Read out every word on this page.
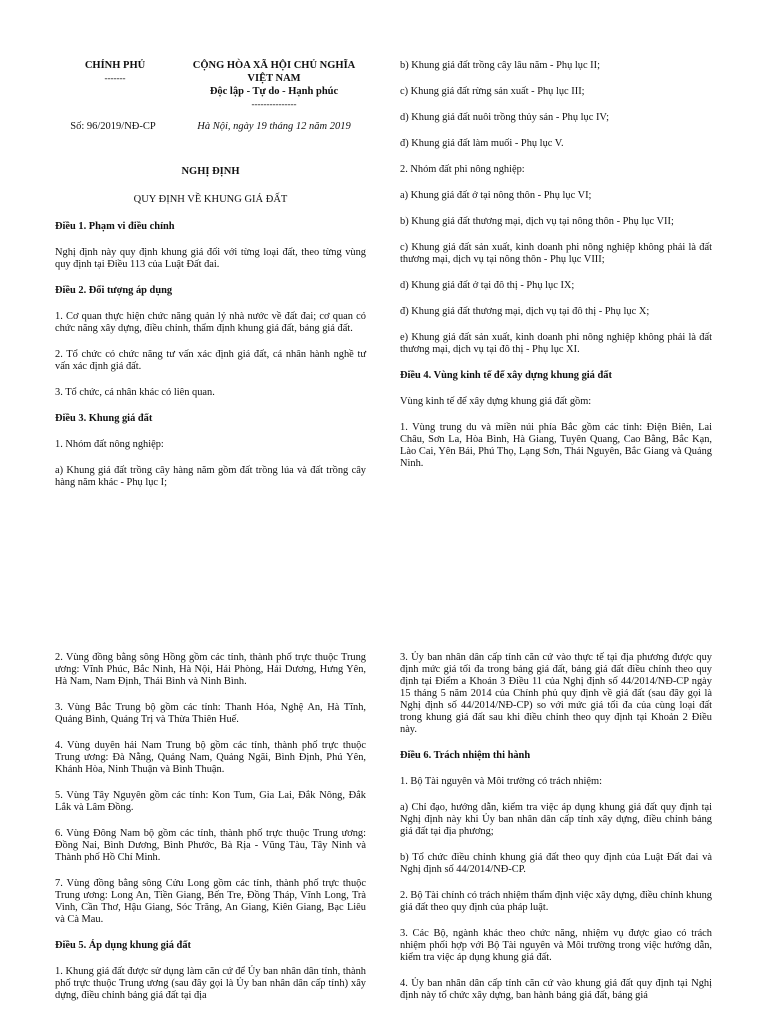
CHÍNH PHỦ
-------
CỘNG HÒA XÃ HỘI CHỦ NGHĨA
VIỆT NAM
Độc lập - Tự do - Hạnh phúc
---------------
Số: 96/2019/NĐ-CP	Hà Nội, ngày 19 tháng 12 năm 2019
NGHỊ ĐỊNH
QUY ĐỊNH VỀ KHUNG GIÁ ĐẤT

Điều 1. Phạm vi điều chỉnh

Nghị định này quy định khung giá đối với từng loại đất, theo từng vùng quy định tại Điều 113 của Luật Đất đai.

Điều 2. Đối tượng áp dụng

1. Cơ quan thực hiện chức năng quản lý nhà nước về đất đai; cơ quan có chức năng xây dựng, điều chỉnh, thẩm định khung giá đất, bảng giá đất.

2. Tổ chức có chức năng tư vấn xác định giá đất, cá nhân hành nghề tư vấn xác định giá đất.

3. Tổ chức, cá nhân khác có liên quan.

Điều 3. Khung giá đất

1. Nhóm đất nông nghiệp:

a) Khung giá đất trồng cây hàng năm gồm đất trồng lúa và đất trồng cây hàng năm khác - Phụ lục I;

b) Khung giá đất trồng cây lâu năm - Phụ lục II;

c) Khung giá đất rừng sản xuất - Phụ lục III;

d) Khung giá đất nuôi trồng thủy sản - Phụ lục IV;

đ) Khung giá đất làm muối - Phụ lục V.

2. Nhóm đất phi nông nghiệp:

a) Khung giá đất ở tại nông thôn - Phụ lục VI;

b) Khung giá đất thương mại, dịch vụ tại nông thôn - Phụ lục VII;

c) Khung giá đất sản xuất, kinh doanh phi nông nghiệp không phải là đất thương mại, dịch vụ tại nông thôn - Phụ lục VIII;

d) Khung giá đất ở tại đô thị - Phụ lục IX;

đ) Khung giá đất thương mại, dịch vụ tại đô thị - Phụ lục X;

e) Khung giá đất sản xuất, kinh doanh phi nông nghiệp không phải là đất thương mại, dịch vụ tại đô thị - Phụ lục XI.

Điều 4. Vùng kinh tế để xây dựng khung giá đất

Vùng kinh tế để xây dựng khung giá đất gồm:

1. Vùng trung du và miền núi phía Bắc gồm các tỉnh: Điện Biên, Lai Châu, Sơn La, Hòa Bình, Hà Giang, Tuyên Quang, Cao Bằng, Bắc Kạn, Lào Cai, Yên Bái, Phú Thọ, Lạng Sơn, Thái Nguyên, Bắc Giang và Quảng Ninh.

2. Vùng đồng bằng sông Hồng gồm các tỉnh, thành phố trực thuộc Trung ương: Vĩnh Phúc, Bắc Ninh, Hà Nội, Hải Phòng, Hải Dương, Hưng Yên, Hà Nam, Nam Định, Thái Bình và Ninh Bình.

3. Vùng Bắc Trung bộ gồm các tỉnh: Thanh Hóa, Nghệ An, Hà Tĩnh, Quảng Bình, Quảng Trị và Thừa Thiên Huế.

4. Vùng duyên hải Nam Trung bộ gồm các tỉnh, thành phố trực thuộc Trung ương: Đà Nẵng, Quảng Nam, Quảng Ngãi, Bình Định, Phú Yên, Khánh Hòa, Ninh Thuận và Bình Thuận.

5. Vùng Tây Nguyên gồm các tỉnh: Kon Tum, Gia Lai, Đắk Nông, Đắk Lắk và Lâm Đồng.

6. Vùng Đông Nam bộ gồm các tỉnh, thành phố trực thuộc Trung ương: Đồng Nai, Bình Dương, Bình Phước, Bà Rịa - Vũng Tàu, Tây Ninh và Thành phố Hồ Chí Minh.

7. Vùng đồng bằng sông Cửu Long gồm các tỉnh, thành phố trực thuộc Trung ương: Long An, Tiền Giang, Bến Tre, Đồng Tháp, Vĩnh Long, Trà Vinh, Cần Thơ, Hậu Giang, Sóc Trăng, An Giang, Kiên Giang, Bạc Liêu và Cà Mau.

Điều 5. Áp dụng khung giá đất

1. Khung giá đất được sử dụng làm căn cứ để Ủy ban nhân dân tỉnh, thành phố trực thuộc Trung ương (sau đây gọi là Ủy ban nhân dân cấp tỉnh) xây dựng, điều chỉnh bảng giá đất tại địa

3. Ủy ban nhân dân cấp tỉnh căn cứ vào thực tế tại địa phương được quy định mức giá tối đa trong bảng giá đất, bảng giá đất điều chỉnh theo quy định tại Điểm a Khoản 3 Điều 11 của Nghị định số 44/2014/NĐ-CP ngày 15 tháng 5 năm 2014 của Chính phủ quy định về giá đất (sau đây gọi là Nghị định số 44/2014/NĐ-CP) so với mức giá tối đa của cùng loại đất trong khung giá đất sau khi điều chỉnh theo quy định tại Khoản 2 Điều này.

Điều 6. Trách nhiệm thi hành

1. Bộ Tài nguyên và Môi trường có trách nhiệm:

a) Chỉ đạo, hướng dẫn, kiểm tra việc áp dụng khung giá đất quy định tại Nghị định này khi Ủy ban nhân dân cấp tỉnh xây dựng, điều chỉnh bảng giá đất tại địa phương;

b) Tổ chức điều chỉnh khung giá đất theo quy định của Luật Đất đai và Nghị định số 44/2014/NĐ-CP.

2. Bộ Tài chính có trách nhiệm thẩm định việc xây dựng, điều chỉnh khung giá đất theo quy định của pháp luật.

3. Các Bộ, ngành khác theo chức năng, nhiệm vụ được giao có trách nhiệm phối hợp với Bộ Tài nguyên và Môi trường trong việc hướng dẫn, kiểm tra việc áp dụng khung giá đất.

4. Ủy ban nhân dân cấp tỉnh căn cứ vào khung giá đất quy định tại Nghị định này tổ chức xây dựng, ban hành bảng giá đất, bảng giá
